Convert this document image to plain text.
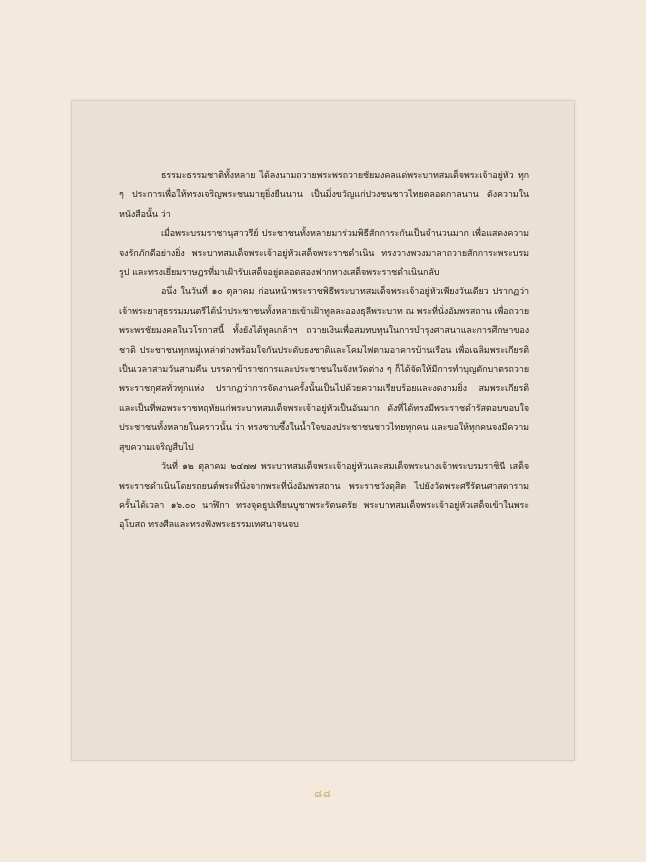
ธรรมะธรรมชาติทั้งหลาย ได้ลงนามถวายพระพรถวายชัยมงคลแด่พระบาทสมเด็จพระเจ้าอยู่หัว ทุก ๆ ประการเพื่อให้ทรงเจริญพระชนมายุยิ่งยืนนาน เป็นมิ่งขวัญแก่ปวงชนชาวไทยตลอดกาลนาน ดังความในหนังสือนั้น ว่า

เมื่อพระบรมราชานุสาวรีย์ ประชาชนทั้งหลายมาร่วมพิธีสักการะกันเป็นจำนวนมาก เพื่อแสดงความจงรักภักดีอย่างยิ่ง พระบาทสมเด็จพระเจ้าอยู่หัวเสด็จพระราชดำเนิน ทรงวางพวงมาลาถวายสักการะพระบรมรูป และทรงเยี่ยมราษฎรที่มาเฝ้ารับเสด็จอยู่ตลอดสองฟากทางเสด็จพระราชดำเนินกลับ

อนึ่ง ในวันที่ ๑๐ ตุลาคม ก่อนหน้าพระราชพิธีพระบาทสมเด็จพระเจ้าอยู่หัวเพียงวันเดียว ปรากฏว่าเจ้าพระยาสุธรรมมนตรีได้นำประชาชนทั้งหลายเข้าเฝ้าทูลละอองธุลีพระบาท ณ พระที่นั่งอัมพรสถาน เพื่อถวายพระพรชัยมงคลในวโรกาสนี้ ทั้งยังได้ทูลเกล้าฯ ถวายเงินเพื่อสมทบทุนในการบำรุงศาสนาและการศึกษาของชาติ ประชาชนทุกหมู่เหล่าต่างพร้อมใจกันประดับธงชาติและโคมไฟตามอาคารบ้านเรือน เพื่อเฉลิมพระเกียรติเป็นเวลาสามวันสามคืน บรรดาข้าราชการและประชาชนในจังหวัดต่าง ๆ ก็ได้จัดให้มีการทำบุญตักบาตรถวายพระราชกุศลทั่วทุกแห่ง ปรากฏว่าการจัดงานครั้งนั้นเป็นไปด้วยความเรียบร้อยและงดงามยิ่ง สมพระเกียรติ และเป็นที่พอพระราชหฤทัยแก่พระบาทสมเด็จพระเจ้าอยู่หัวเป็นอันมาก ดังที่ได้ทรงมีพระราชดำรัสตอบขอบใจประชาชนทั้งหลายในคราวนั้น ว่า ทรงซาบซึ้งในน้ำใจของประชาชนชาวไทยทุกคน และขอให้ทุกคนจงมีความสุขความเจริญสืบไป

วันที่ ๑๒ ตุลาคม ๒๔๗๗ พระบาทสมเด็จพระเจ้าอยู่หัวและสมเด็จพระนางเจ้าพระบรมราชินี เสด็จพระราชดำเนินโดยรถยนต์พระที่นั่งจากพระที่นั่งอัมพรสถาน พระราชวังดุสิต ไปยังวัดพระศรีรัตนศาสดาราม ครั้นได้เวลา ๑๖.๐๐ นาฬิกา ทรงจุดธูปเทียนบูชาพระรัตนตรัย พระบาทสมเด็จพระเจ้าอยู่หัวเสด็จเข้าในพระอุโบสถ ทรงศีลและทรงฟังพระธรรมเทศนาจนจบ

๘๘
